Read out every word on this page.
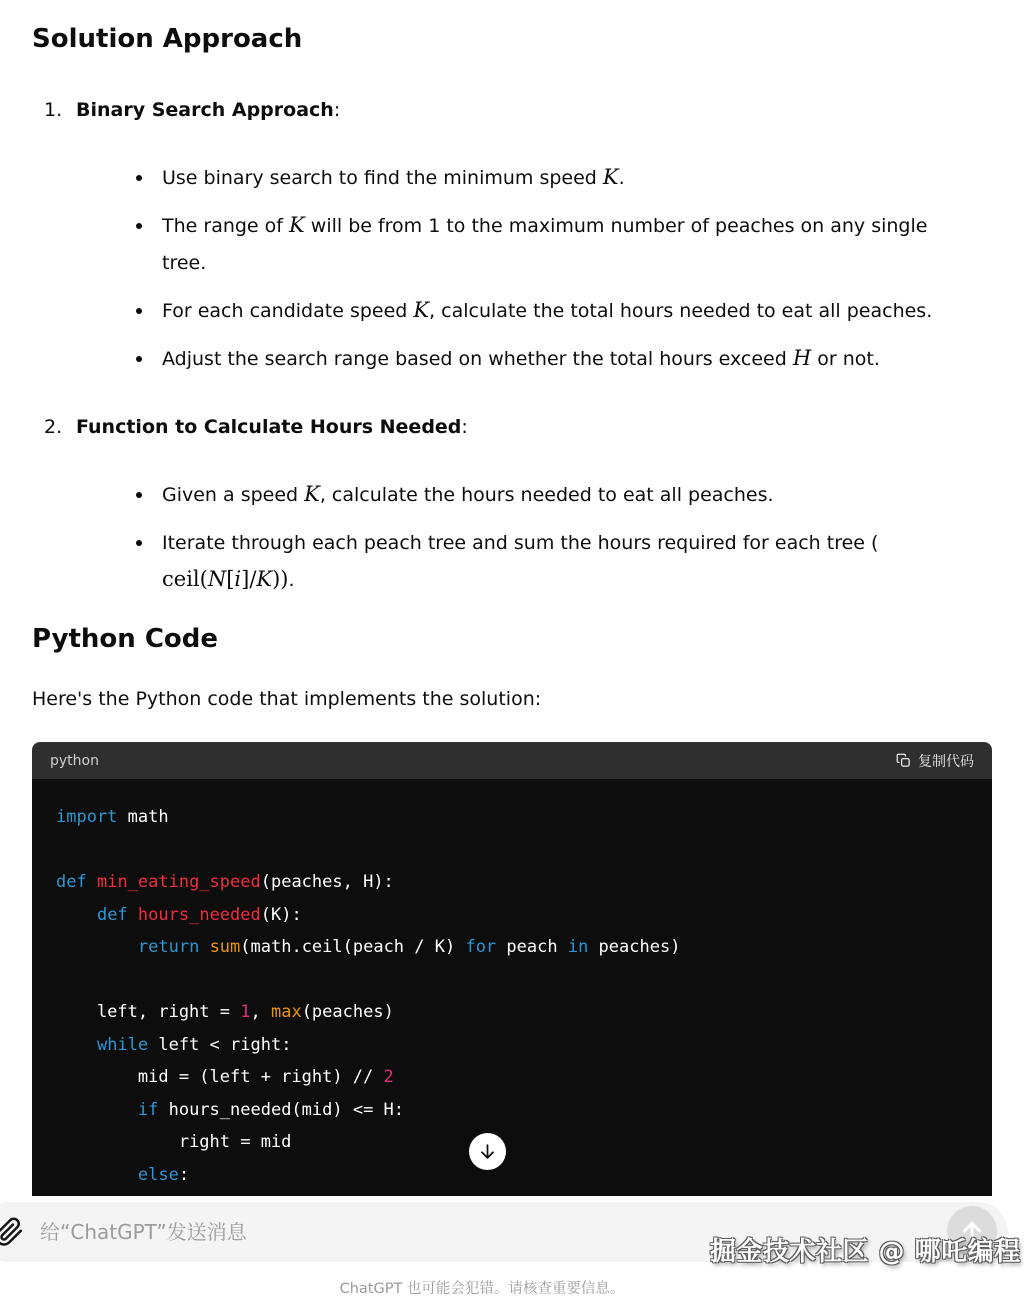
Solution Approach
1. Binary Search Approach:
Use binary search to find the minimum speed K.
The range of K will be from 1 to the maximum number of peaches on any single
tree.
For each candidate speed K, calculate the total hours needed to eat all peaches.
Adjust the search range based on whether the total hours exceed H or not.
2. Function to Calculate Hours Needed:
Given a speed K, calculate the hours needed to eat all peaches.
Iterate through each peach tree and sum the hours required for each tree (
ceil(N[i]/K)).
Python Code

Here's the Python code that implements the solution:

python	复制代码
import math

def min_eating_speed(peaches, H):
def hours_needed(K):
return sum(math.ceil(peach / K) for peach in peaches)

left, right = 1, max(peaches)
while left < right:
mid = (left + right) // 2
if hours_needed(mid) <= H:
right = mid
else:
给“ChatGPT”发送消息
掘金技术社区 @ 哪吒编程
ChatGPT 也可能会犯错。请核查重要信息。
